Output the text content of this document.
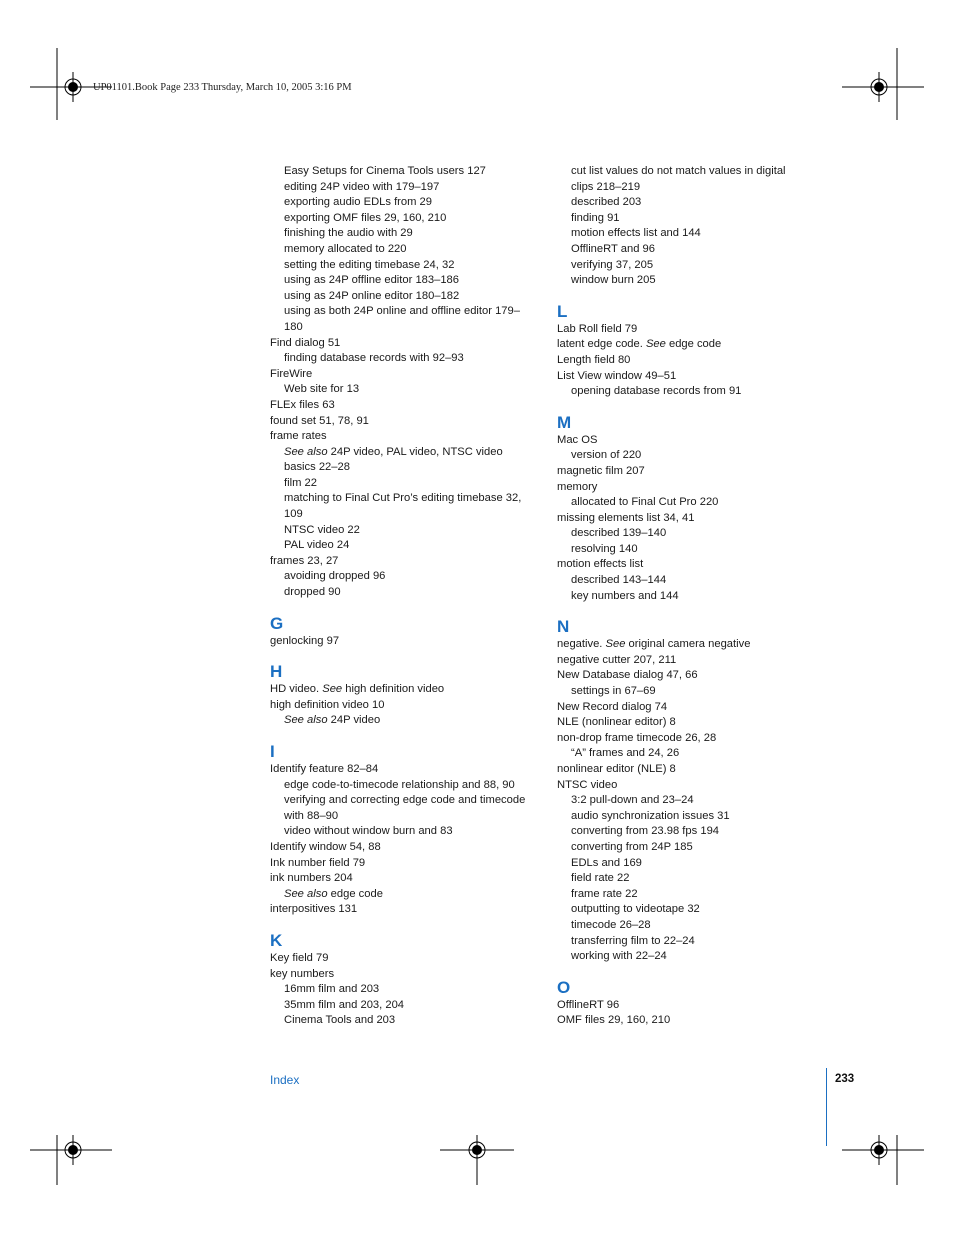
UP01101.Book Page 233 Thursday, March 10, 2005 3:16 PM
Easy Setups for Cinema Tools users 127
editing 24P video with 179–197
exporting audio EDLs from 29
exporting OMF files 29, 160, 210
finishing the audio with 29
memory allocated to 220
setting the editing timebase 24, 32
using as 24P offline editor 183–186
using as 24P online editor 180–182
using as both 24P online and offline editor 179–
180
Find dialog 51
finding database records with 92–93
FireWire
Web site for 13
FLEx files 63
found set 51, 78, 91
frame rates
See also 24P video, PAL video, NTSC video
basics 22–28
film 22
matching to Final Cut Pro’s editing timebase 32,
109
NTSC video 22
PAL video 24
frames 23, 27
avoiding dropped 96
dropped 90
G
genlocking 97
H
HD video. See high definition video
high definition video 10
See also 24P video
I
Identify feature 82–84
edge code-to-timecode relationship and 88, 90
verifying and correcting edge code and timecode
with 88–90
video without window burn and 83
Identify window 54, 88
Ink number field 79
ink numbers 204
See also edge code
interpositives 131
K
Key field 79
key numbers
16mm film and 203
35mm film and 203, 204
Cinema Tools and 203
cut list values do not match values in digital
clips 218–219
described 203
finding 91
motion effects list and 144
OfflineRT and 96
verifying 37, 205
window burn 205
L
Lab Roll field 79
latent edge code. See edge code
Length field 80
List View window 49–51
opening database records from 91
M
Mac OS
version of 220
magnetic film 207
memory
allocated to Final Cut Pro 220
missing elements list 34, 41
described 139–140
resolving 140
motion effects list
described 143–144
key numbers and 144
N
negative. See original camera negative
negative cutter 207, 211
New Database dialog 47, 66
settings in 67–69
New Record dialog 74
NLE (nonlinear editor) 8
non-drop frame timecode 26, 28
“A” frames and 24, 26
nonlinear editor (NLE) 8
NTSC video
3:2 pull-down and 23–24
audio synchronization issues 31
converting from 23.98 fps 194
converting from 24P 185
EDLs and 169
field rate 22
frame rate 22
outputting to videotape 32
timecode 26–28
transferring film to 22–24
working with 22–24
O
OfflineRT 96
OMF files 29, 160, 210
Index	233
